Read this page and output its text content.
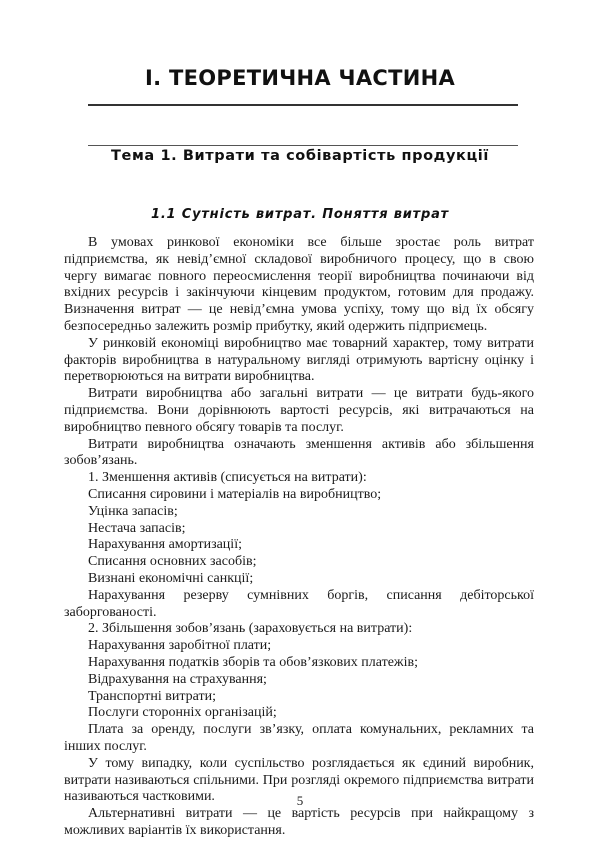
І. ТЕОРЕТИЧНА ЧАСТИНА
Тема 1. Витрати та собівартість продукції
1.1 Сутність витрат. Поняття витрат

В умовах ринкової економіки все більше зростає роль витрат підприємства, як невід’ємної складової виробничого процесу, що в свою чергу вимагає повного переосмислення теорії виробництва починаючи від вхідних ресурсів і закінчуючи кінцевим продуктом, готовим для продажу. Визначення витрат — це невід’ємна умова успіху, тому що від їх обсягу безпосередньо залежить розмір прибутку, який одержить підприємець.

У ринковій економіці виробництво має товарний характер, тому витрати факторів виробництва в натуральному вигляді отримують вартісну оцінку і перетворюються на витрати виробництва.

Витрати виробництва або загальні витрати — це витрати будь-якого підприємства. Вони дорівнюють вартості ресурсів, які витрачаються на виробництво певного обсягу товарів та послуг.

Витрати виробництва означають зменшення активів або збільшення зобов’язань.

1. Зменшення активів (списується на витрати):

Списання сировини і матеріалів на виробництво;

Уцінка запасів;

Нестача запасів;

Нарахування амортизації;

Списання основних засобів;

Визнані економічні санкції;

Нарахування резерву сумнівних боргів, списання дебіторської заборгованості.

2. Збільшення зобов’язань (зараховується на витрати):

Нарахування заробітної плати;

Нарахування податків зборів та обов’язкових платежів;

Відрахування на страхування;

Транспортні витрати;

Послуги сторонніх організацій;

Плата за оренду, послуги зв’язку, оплата комунальних, рекламних та інших послуг.

У тому випадку, коли суспільство розглядається як єдиний виробник, витрати називаються спільними. При розгляді окремого підприємства витрати називаються частковими.

Альтернативні витрати — це вартість ресурсів при найкращому з можливих варіантів їх використання.

5
